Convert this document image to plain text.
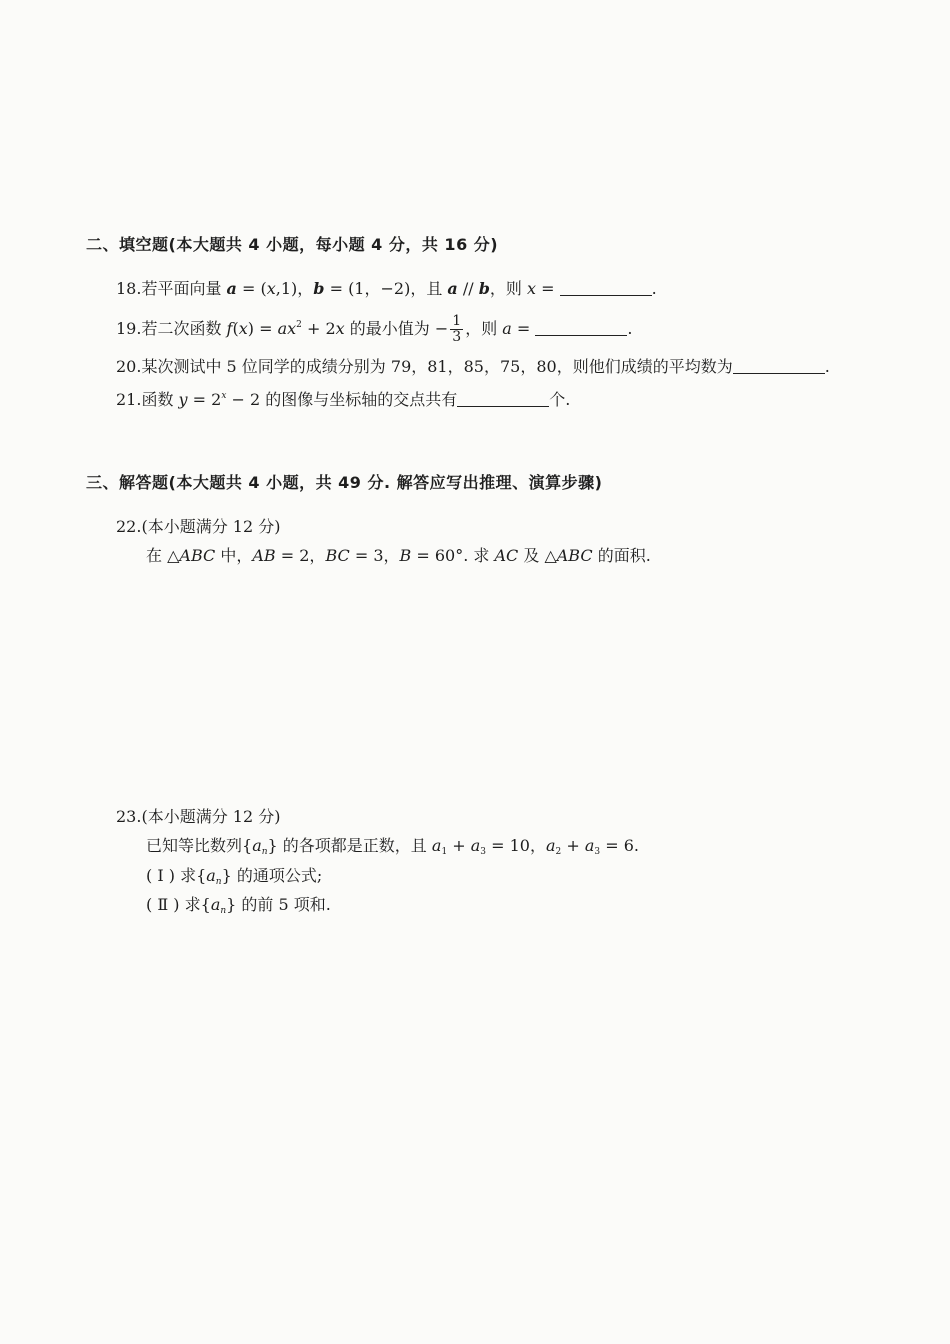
二、填空题(本大题共 4 小题，每小题 4 分，共 16 分)
18.若平面向量 a = (x,1)，b = (1，−2)，且 a // b，则 x =	.
19.若二次函数 $f(x) = ax^2 + 2x$ 的最小值为 − $\frac{1}{3}$ ，则 a =	.
20.某次测试中 5 位同学的成绩分别为 79，81，85，75，80，则他们成绩的平均数为	.
21.函数 $y = 2^x - 2$ 的图像与坐标轴的交点共有	个.
三、解答题(本大题共 4 小题，共 49 分. 解答应写出推理、演算步骤)
22.(本小题满分 12 分)
在 △ABC 中，AB = 2，BC = 3，B = 60°. 求 AC 及 △ABC 的面积.
23.(本小题满分 12 分)
已知等比数列$\{a_n\}$ 的各项都是正数，且 $a_1 + a_3 = 10$，$a_2 + a_3 = 6$.
( Ⅰ ) 求$\{a_n\}$ 的通项公式;
( Ⅱ ) 求$\{a_n\}$ 的前 5 项和.
